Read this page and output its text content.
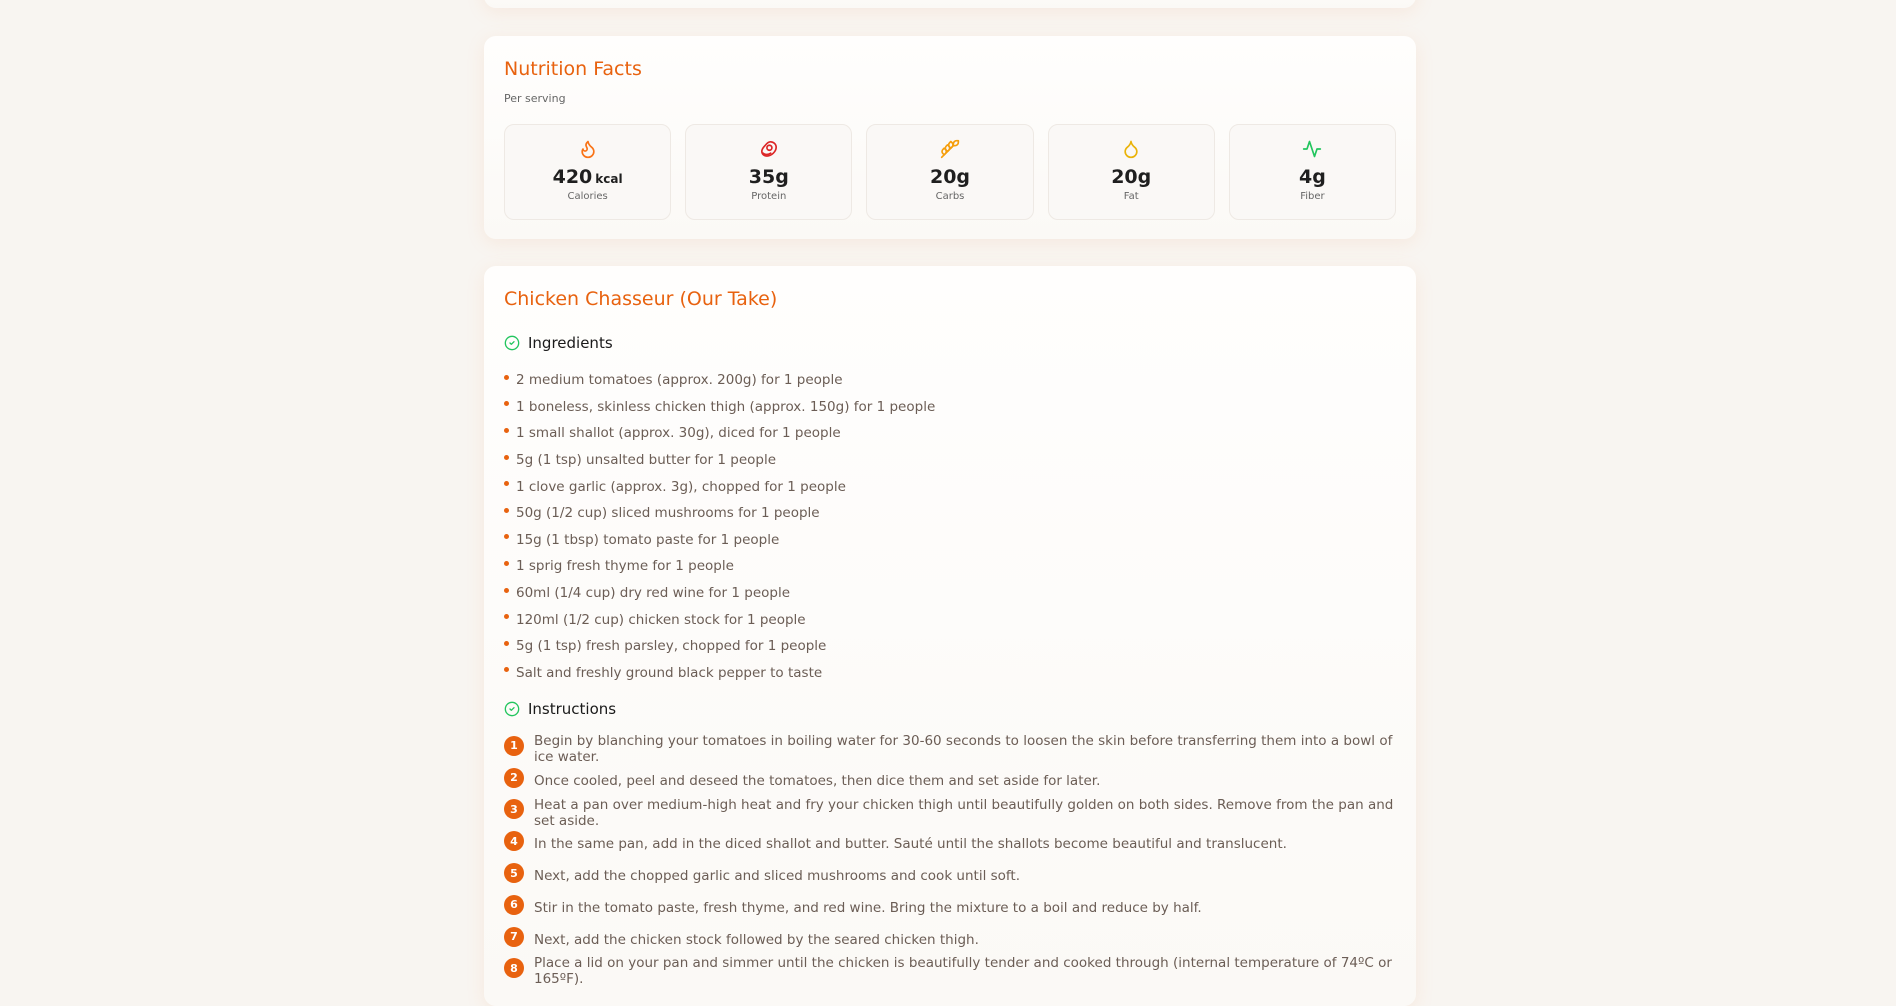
Nutrition Facts
Per serving
420 kcal
Calories
35g
Protein
20g
Carbs
20g
Fat
4g
Fiber
Chicken Chasseur (Our Take)
Ingredients
2 medium tomatoes (approx. 200g) for 1 people
1 boneless, skinless chicken thigh (approx. 150g) for 1 people
1 small shallot (approx. 30g), diced for 1 people
5g (1 tsp) unsalted butter for 1 people
1 clove garlic (approx. 3g), chopped for 1 people
50g (1/2 cup) sliced mushrooms for 1 people
15g (1 tbsp) tomato paste for 1 people
1 sprig fresh thyme for 1 people
60ml (1/4 cup) dry red wine for 1 people
120ml (1/2 cup) chicken stock for 1 people
5g (1 tsp) fresh parsley, chopped for 1 people
Salt and freshly ground black pepper to taste
Instructions
1	Begin by blanching your tomatoes in boiling water for 30-60 seconds to loosen the skin before transferring them into a bowl of ice water.
2	Once cooled, peel and deseed the tomatoes, then dice them and set aside for later.
3	Heat a pan over medium-high heat and fry your chicken thigh until beautifully golden on both sides. Remove from the pan and set aside.
4	In the same pan, add in the diced shallot and butter. Sauté until the shallots become beautiful and translucent.
5	Next, add the chopped garlic and sliced mushrooms and cook until soft.
6	Stir in the tomato paste, fresh thyme, and red wine. Bring the mixture to a boil and reduce by half.
7	Next, add the chicken stock followed by the seared chicken thigh.
8	Place a lid on your pan and simmer until the chicken is beautifully tender and cooked through (internal temperature of 74ºC or 165ºF).
